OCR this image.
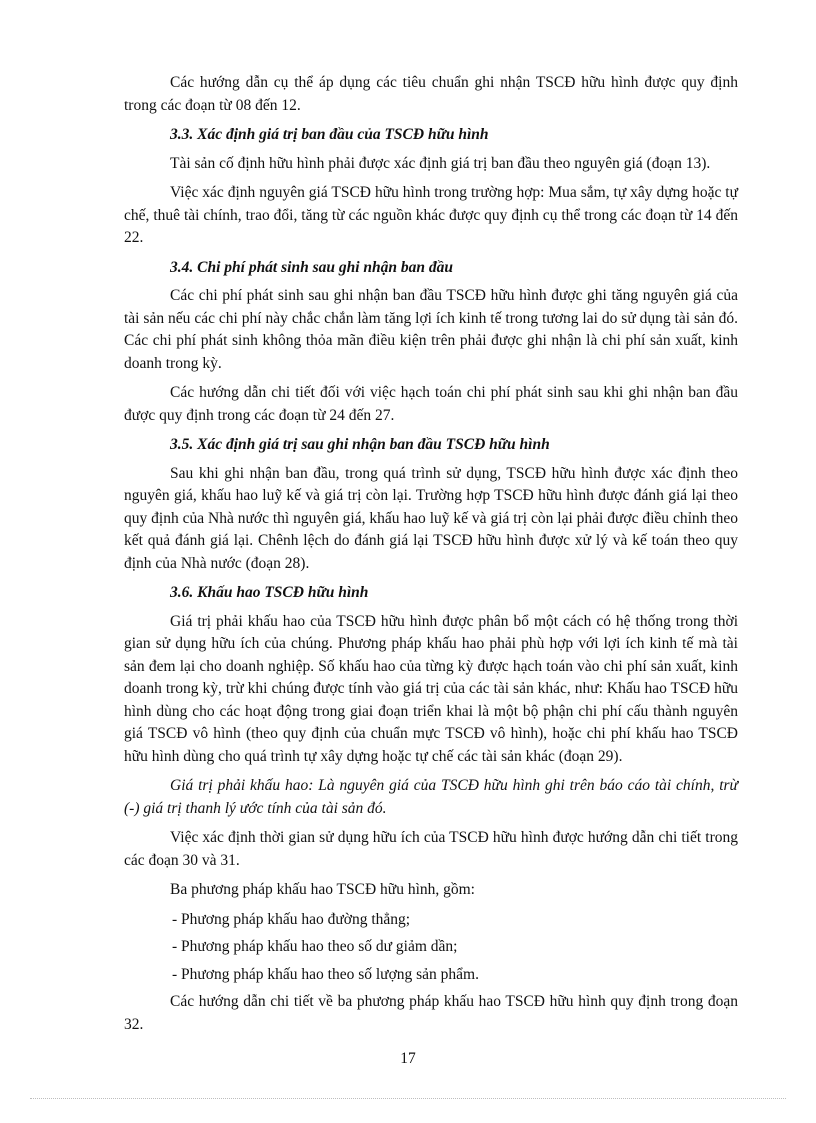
Các hướng dẫn cụ thể áp dụng các tiêu chuẩn ghi nhận TSCĐ hữu hình được quy định trong các đoạn từ 08 đến 12.

3.3. Xác định giá trị ban đầu của TSCĐ hữu hình

Tài sản cố định hữu hình phải được xác định giá trị ban đầu theo nguyên giá (đoạn 13).

Việc xác định nguyên giá TSCĐ hữu hình trong trường hợp: Mua sắm, tự xây dựng hoặc tự chế, thuê tài chính, trao đổi, tăng từ các nguồn khác được quy định cụ thể trong các đoạn từ 14 đến 22.

3.4. Chi phí phát sinh sau ghi nhận ban đầu

Các chi phí phát sinh sau ghi nhận ban đầu TSCĐ hữu hình được ghi tăng nguyên giá của tài sản nếu các chi phí này chắc chắn làm tăng lợi ích kinh tế trong tương lai do sử dụng tài sản đó. Các chi phí phát sinh không thỏa mãn điều kiện trên phải được ghi nhận là chi phí sản xuất, kinh doanh trong kỳ.

Các hướng dẫn chi tiết đối với việc hạch toán chi phí phát sinh sau khi ghi nhận ban đầu được quy định trong các đoạn từ 24 đến 27.

3.5. Xác định giá trị sau ghi nhận ban đầu TSCĐ hữu hình

Sau khi ghi nhận ban đầu, trong quá trình sử dụng, TSCĐ hữu hình được xác định theo nguyên giá, khấu hao luỹ kế và giá trị còn lại. Trường hợp TSCĐ hữu hình được đánh giá lại theo quy định của Nhà nước thì nguyên giá, khấu hao luỹ kế và giá trị còn lại phải được điều chỉnh theo kết quả đánh giá lại. Chênh lệch do đánh giá lại TSCĐ hữu hình được xử lý và kế toán theo quy định của Nhà nước (đoạn 28).

3.6. Khấu hao TSCĐ hữu hình

Giá trị phải khấu hao của TSCĐ hữu hình được phân bổ một cách có hệ thống trong thời gian sử dụng hữu ích của chúng. Phương pháp khấu hao phải phù hợp với lợi ích kinh tế mà tài sản đem lại cho doanh nghiệp. Số khấu hao của từng kỳ được hạch toán vào chi phí sản xuất, kinh doanh trong kỳ, trừ khi chúng được tính vào giá trị của các tài sản khác, như: Khấu hao TSCĐ hữu hình dùng cho các hoạt động trong giai đoạn triển khai là một bộ phận chi phí cấu thành nguyên giá TSCĐ vô hình (theo quy định của chuẩn mực TSCĐ vô hình), hoặc chi phí khấu hao TSCĐ hữu hình dùng cho quá trình tự xây dựng hoặc tự chế các tài sản khác (đoạn 29).

Giá trị phải khấu hao: Là nguyên giá của TSCĐ hữu hình ghi trên báo cáo tài chính, trừ (-) giá trị thanh lý ước tính của tài sản đó.

Việc xác định thời gian sử dụng hữu ích của TSCĐ hữu hình được hướng dẫn chi tiết trong các đoạn 30 và 31.

Ba phương pháp khấu hao TSCĐ hữu hình, gồm:

- Phương pháp khấu hao đường thẳng;

- Phương pháp khấu hao theo số dư giảm dần;

- Phương pháp khấu hao theo số lượng sản phẩm.

Các hướng dẫn chi tiết về ba phương pháp khấu hao TSCĐ hữu hình quy định trong đoạn 32.

17
